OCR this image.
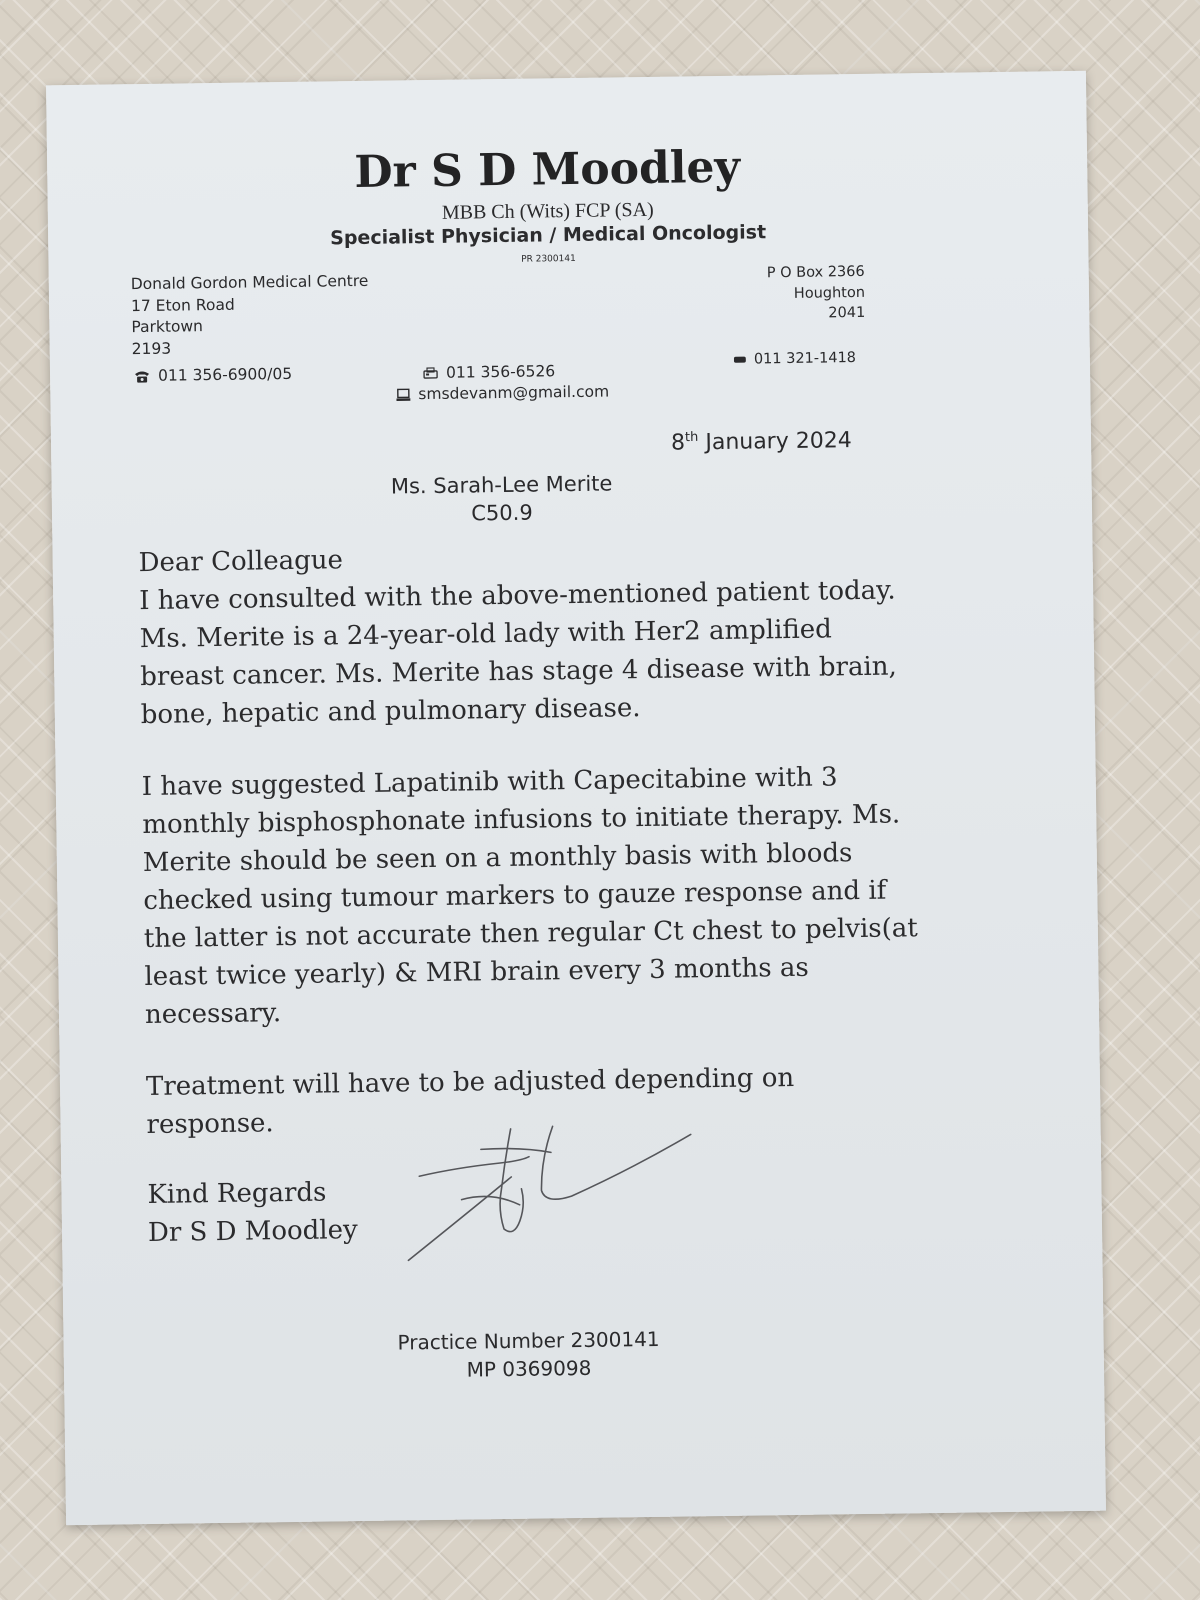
Dr S D Moodley
MBB Ch (Wits) FCP (SA)
Specialist Physician / Medical Oncologist
PR 2300141
Donald Gordon Medical Centre
17 Eton Road
Parktown
2193
P O Box 2366
Houghton
2041
011 356-6900/05	011 356-6526
smsdevanm@gmail.com
011 321-1418
8th January 2024
Ms. Sarah-Lee Merite
C50.9
Dear Colleague
I have consulted with the above-mentioned patient today.
Ms. Merite is a 24-year-old lady with Her2 amplified
breast cancer. Ms. Merite has stage 4 disease with brain,
bone, hepatic and pulmonary disease.
I have suggested Lapatinib with Capecitabine with 3
monthly bisphosphonate infusions to initiate therapy. Ms.
Merite should be seen on a monthly basis with bloods
checked using tumour markers to gauze response and if
the latter is not accurate then regular Ct chest to pelvis(at
least twice yearly) & MRI brain every 3 months as
necessary.
Treatment will have to be adjusted depending on
response.
Kind Regards
Dr S D Moodley
Practice Number 2300141
MP 0369098
